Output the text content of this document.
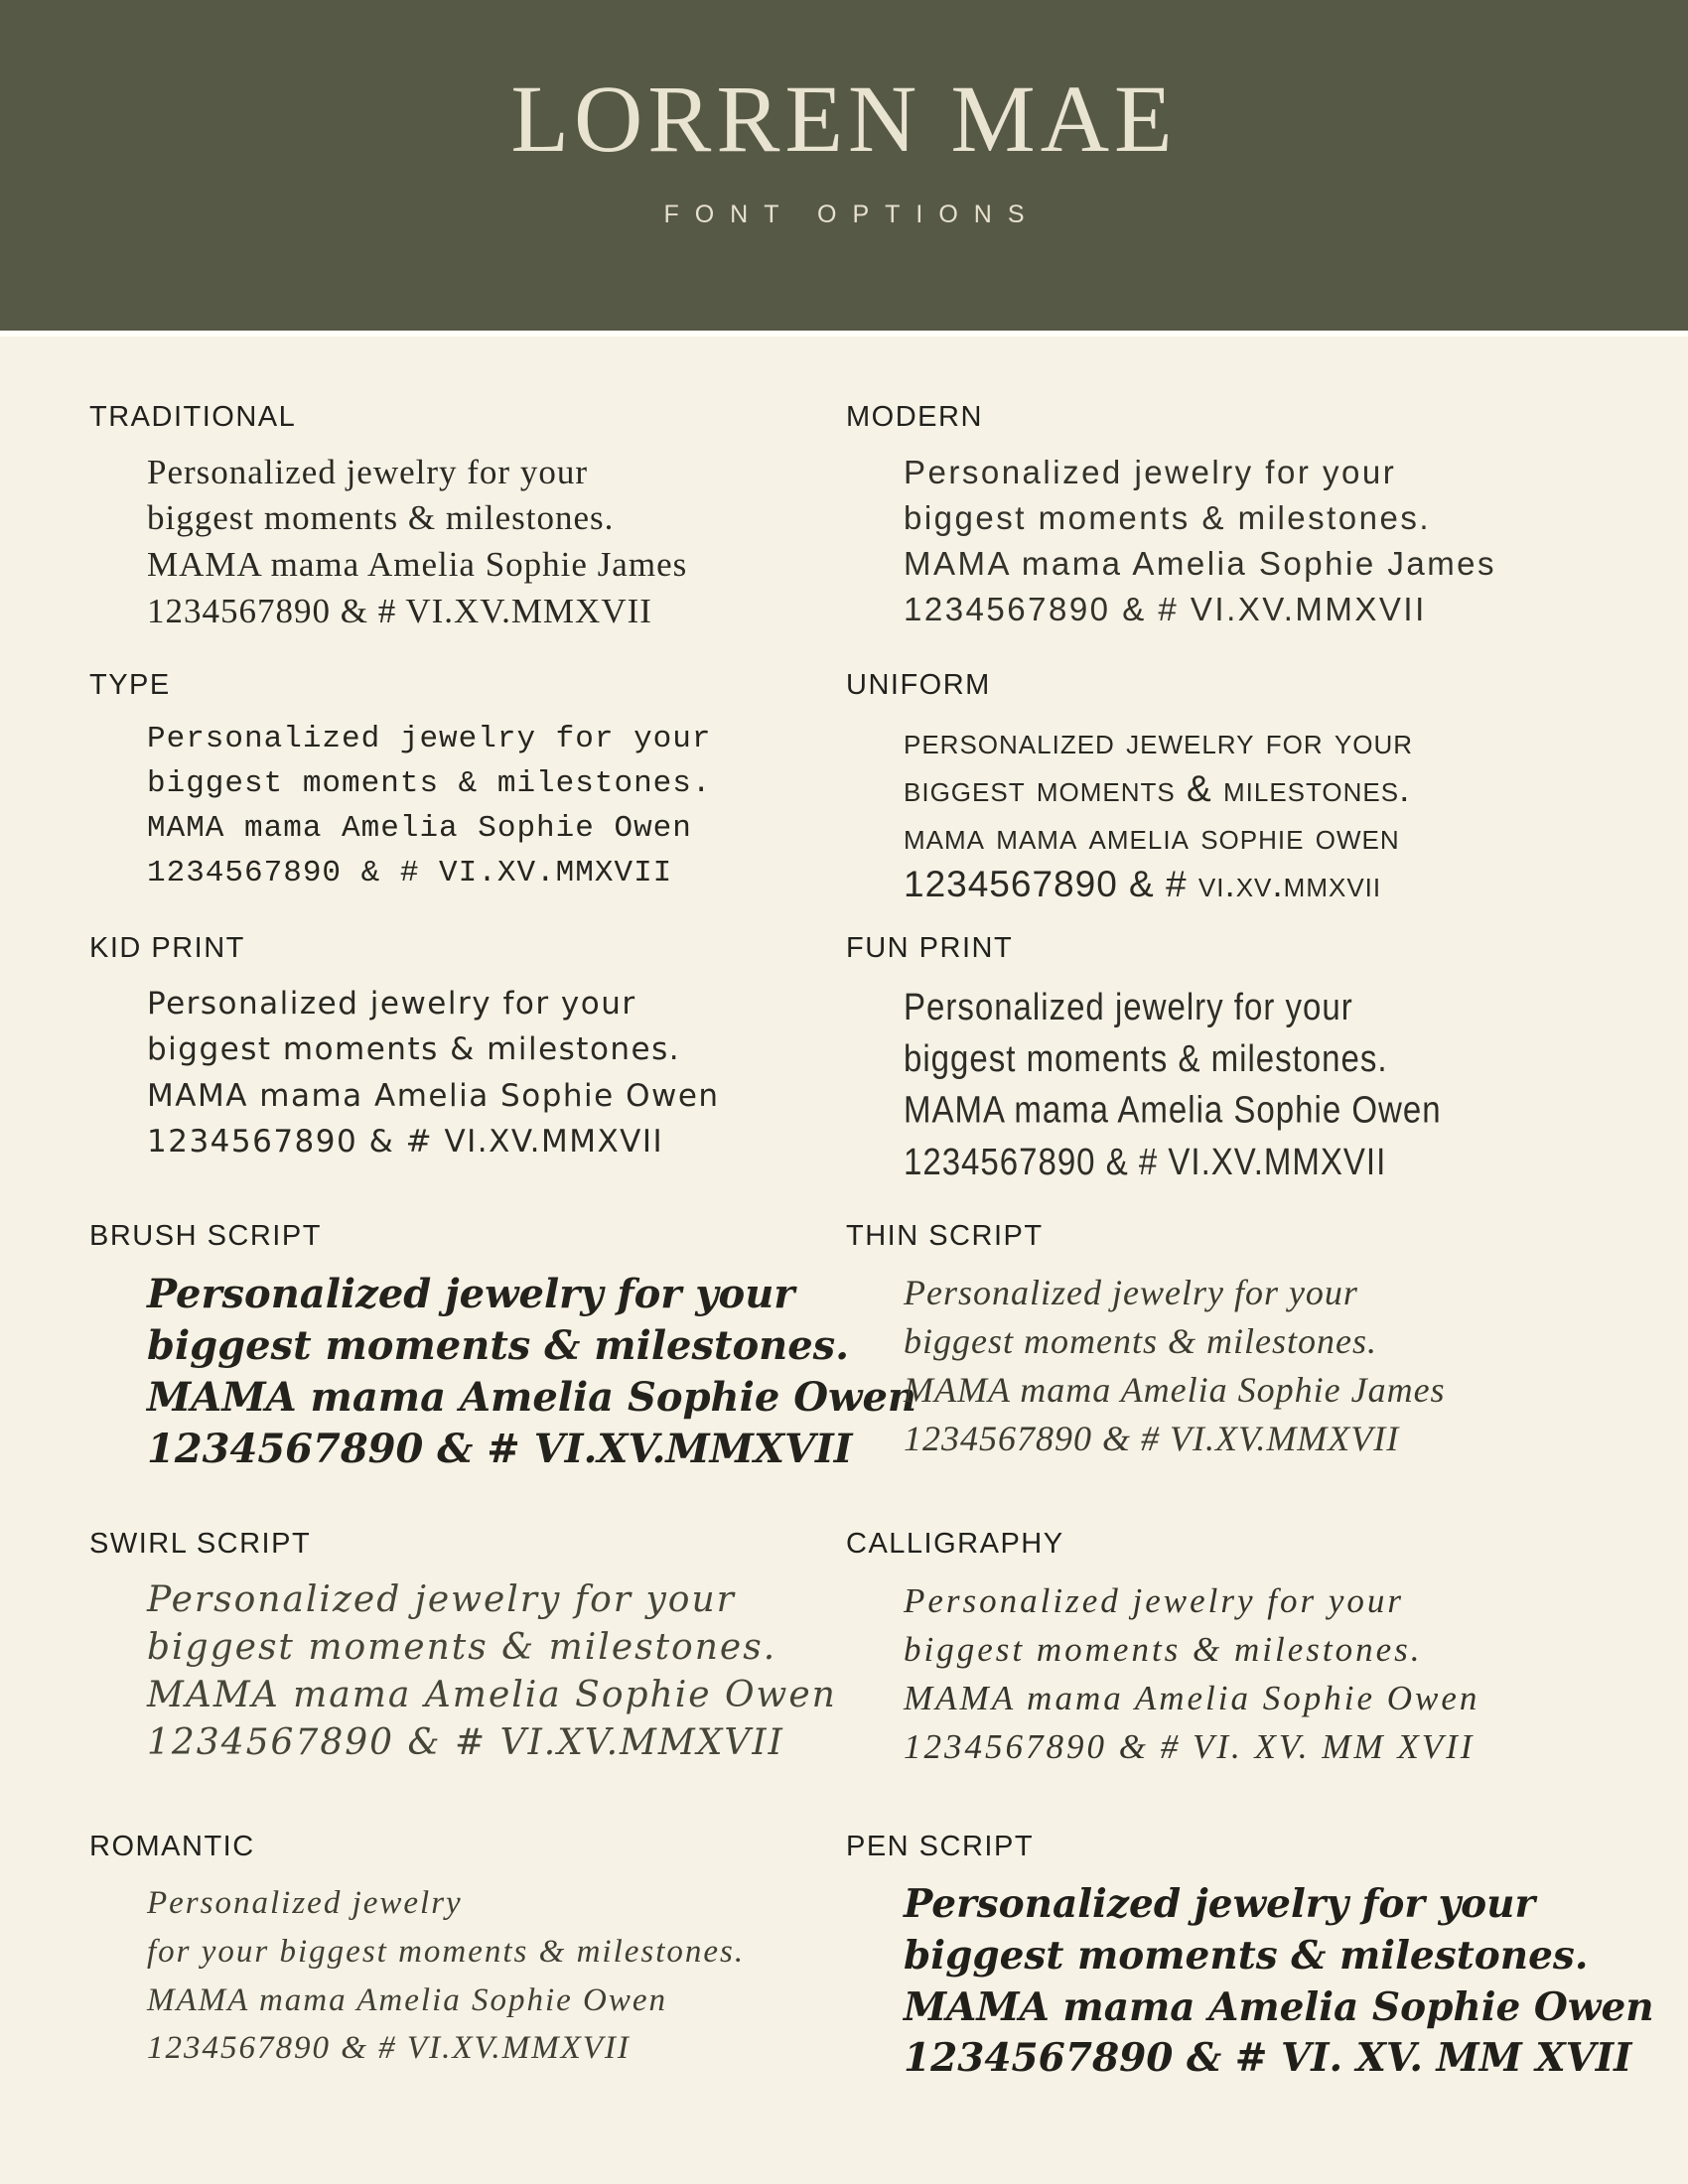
LORREN MAE
FONT OPTIONS
TRADITIONAL
Personalized jewelry for your
biggest moments & milestones.
MAMA mama Amelia Sophie James
1234567890 & # VI.XV.MMXVII
MODERN
Personalized jewelry for your
biggest moments & milestones.
MAMA mama Amelia Sophie James
1234567890 & # VI.XV.MMXVII
TYPE
Personalized jewelry for your
biggest moments & milestones.
MAMA mama Amelia Sophie Owen
1234567890 & # VI.XV.MMXVII
UNIFORM
personalized jewelry for your
biggest moments & milestones.
mama mama amelia sophie owen
1234567890 & # vi.xv.mmxvii
KID PRINT
Personalized jewelry for your
biggest moments & milestones.
MAMA mama Amelia Sophie Owen
1234567890 & # VI.XV.MMXVII
FUN PRINT
Personalized jewelry for your
biggest moments & milestones.
MAMA mama Amelia Sophie Owen
1234567890 & # VI.XV.MMXVII
BRUSH SCRIPT
Personalized jewelry for your
biggest moments & milestones.
MAMA mama Amelia Sophie Owen
1234567890 & # VI.XV.MMXVII
THIN SCRIPT
Personalized jewelry for your
biggest moments & milestones.
MAMA mama Amelia Sophie James
1234567890 & # VI.XV.MMXVII
SWIRL SCRIPT
Personalized jewelry for your
biggest moments & milestones.
MAMA mama Amelia Sophie Owen
1234567890 & # VI.XV.MMXVII
CALLIGRAPHY
Personalized jewelry for your
biggest moments & milestones.
MAMA mama Amelia Sophie Owen
1234567890 & # VI. XV. MM XVII
ROMANTIC
Personalized jewelry
for your biggest moments & milestones.
MAMA mama Amelia Sophie Owen
1234567890 & # VI.XV.MMXVII
PEN SCRIPT
Personalized jewelry for your
biggest moments & milestones.
MAMA mama Amelia Sophie Owen
1234567890 & # VI. XV. MM XVII
